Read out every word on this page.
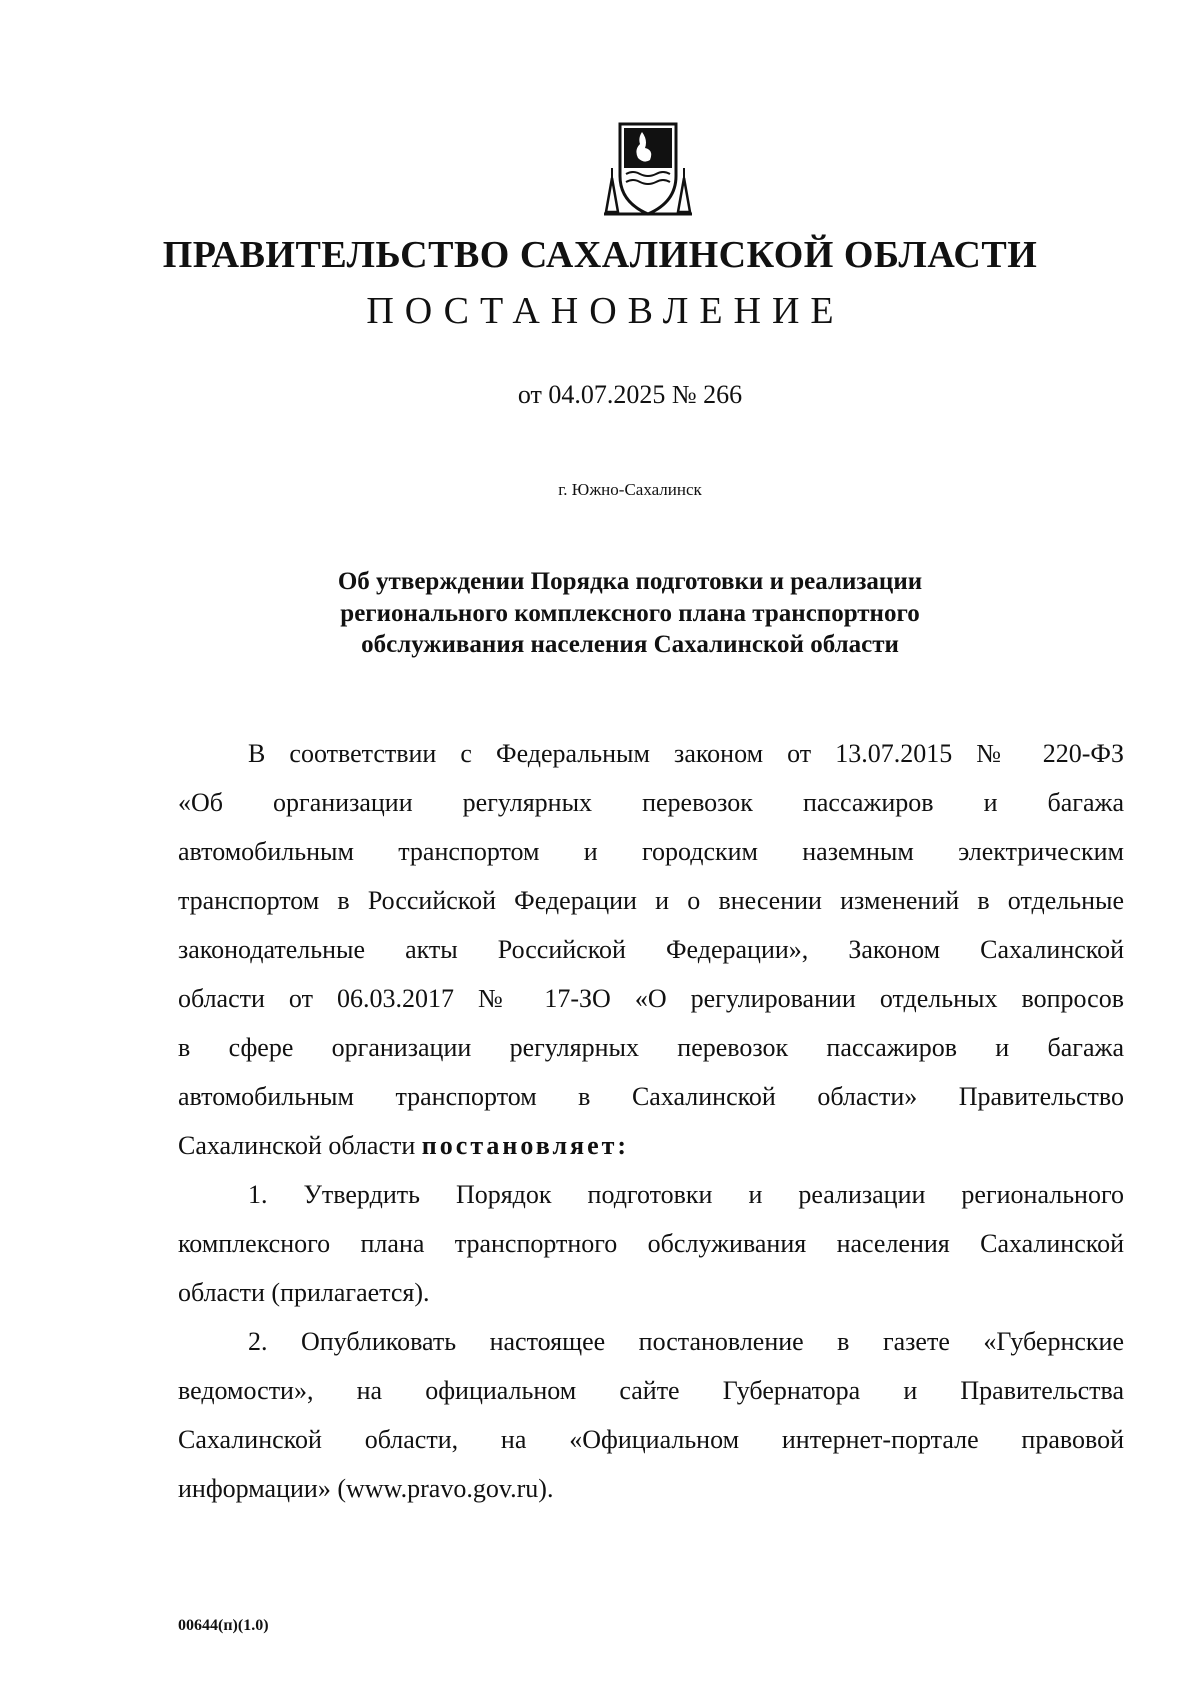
ПРАВИТЕЛЬСТВО САХАЛИНСКОЙ ОБЛАСТИ
ПОСТАНОВЛЕНИЕ
от 04.07.2025 № 266
г. Южно-Сахалинск
Об утверждении Порядка подготовки и реализации
регионального комплексного плана транспортного
обслуживания населения Сахалинской области
В соответствии с Федеральным законом от 13.07.2015 № 220-ФЗ
«Об организации регулярных перевозок пассажиров и багажа
автомобильным транспортом и городским наземным электрическим
транспортом в Российской Федерации и о внесении изменений в отдельные
законодательные акты Российской Федерации», Законом Сахалинской
области от 06.03.2017 № 17-ЗО «О регулировании отдельных вопросов
в сфере организации регулярных перевозок пассажиров и багажа
автомобильным транспортом в Сахалинской области» Правительство
Сахалинской области постановляет:
1. Утвердить Порядок подготовки и реализации регионального
комплексного плана транспортного обслуживания населения Сахалинской
области (прилагается).
2. Опубликовать настоящее постановление в газете «Губернские
ведомости», на официальном сайте Губернатора и Правительства
Сахалинской области, на «Официальном интернет-портале правовой
информации» (www.pravo.gov.ru).
00644(п)(1.0)
